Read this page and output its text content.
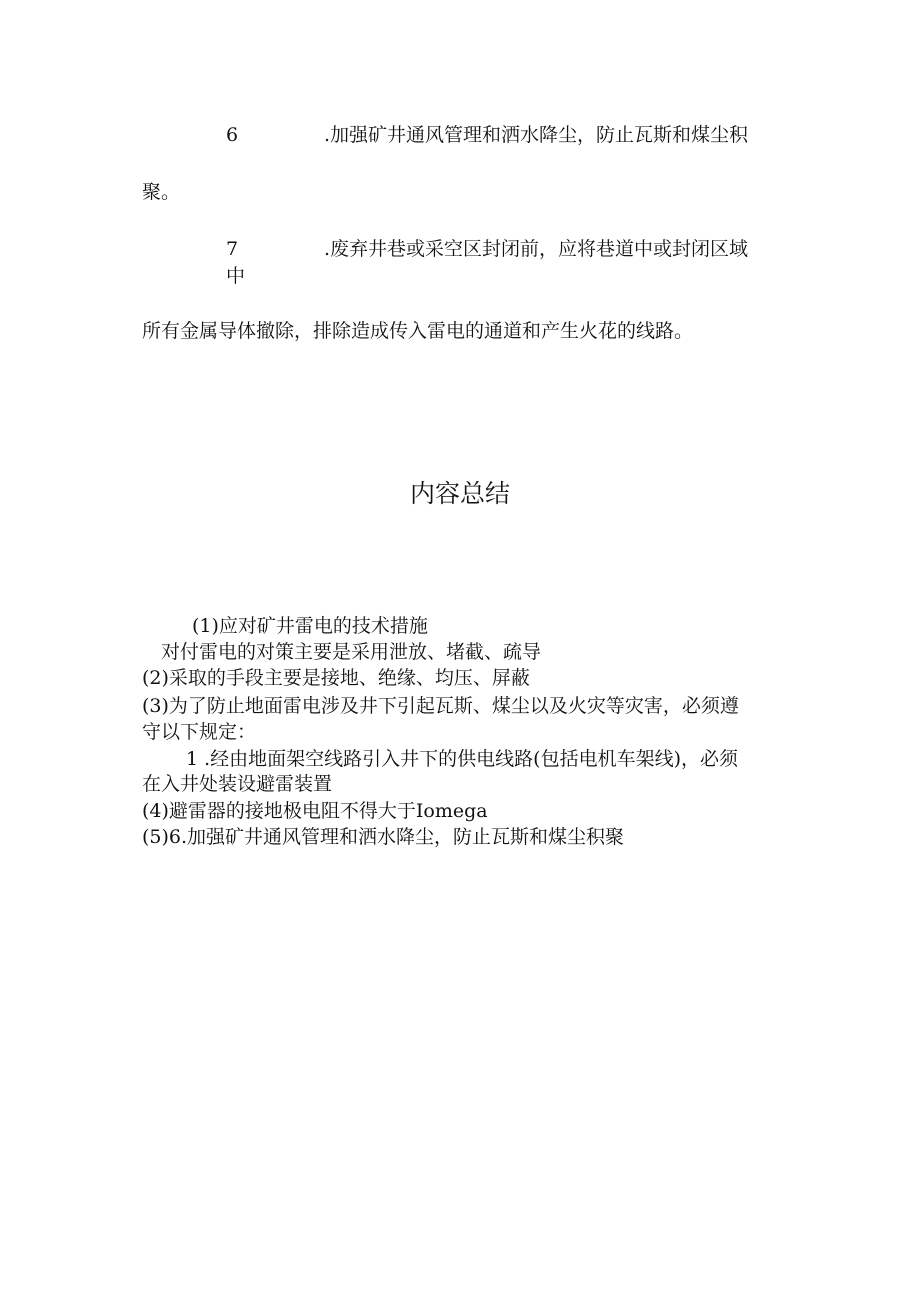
6	.加强矿井通风管理和洒水降尘，防止瓦斯和煤尘积
聚。
7	.废弃井巷或采空区封闭前，应将巷道中或封闭区域
中
所有金属导体撤除，排除造成传入雷电的通道和产生火花的线路。
内容总结
(1)应对矿井雷电的技术措施
对付雷电的对策主要是采用泄放、堵截、疏导
(2)采取的手段主要是接地、绝缘、均压、屏蔽
(3)为了防止地面雷电涉及井下引起瓦斯、煤尘以及火灾等灾害，必须遵
守以下规定：
1 .经由地面架空线路引入井下的供电线路(包括电机车架线)，必须
在入井处装设避雷装置
(4)避雷器的接地极电阻不得大于Iomega
(5)6.加强矿井通风管理和洒水降尘，防止瓦斯和煤尘积聚
